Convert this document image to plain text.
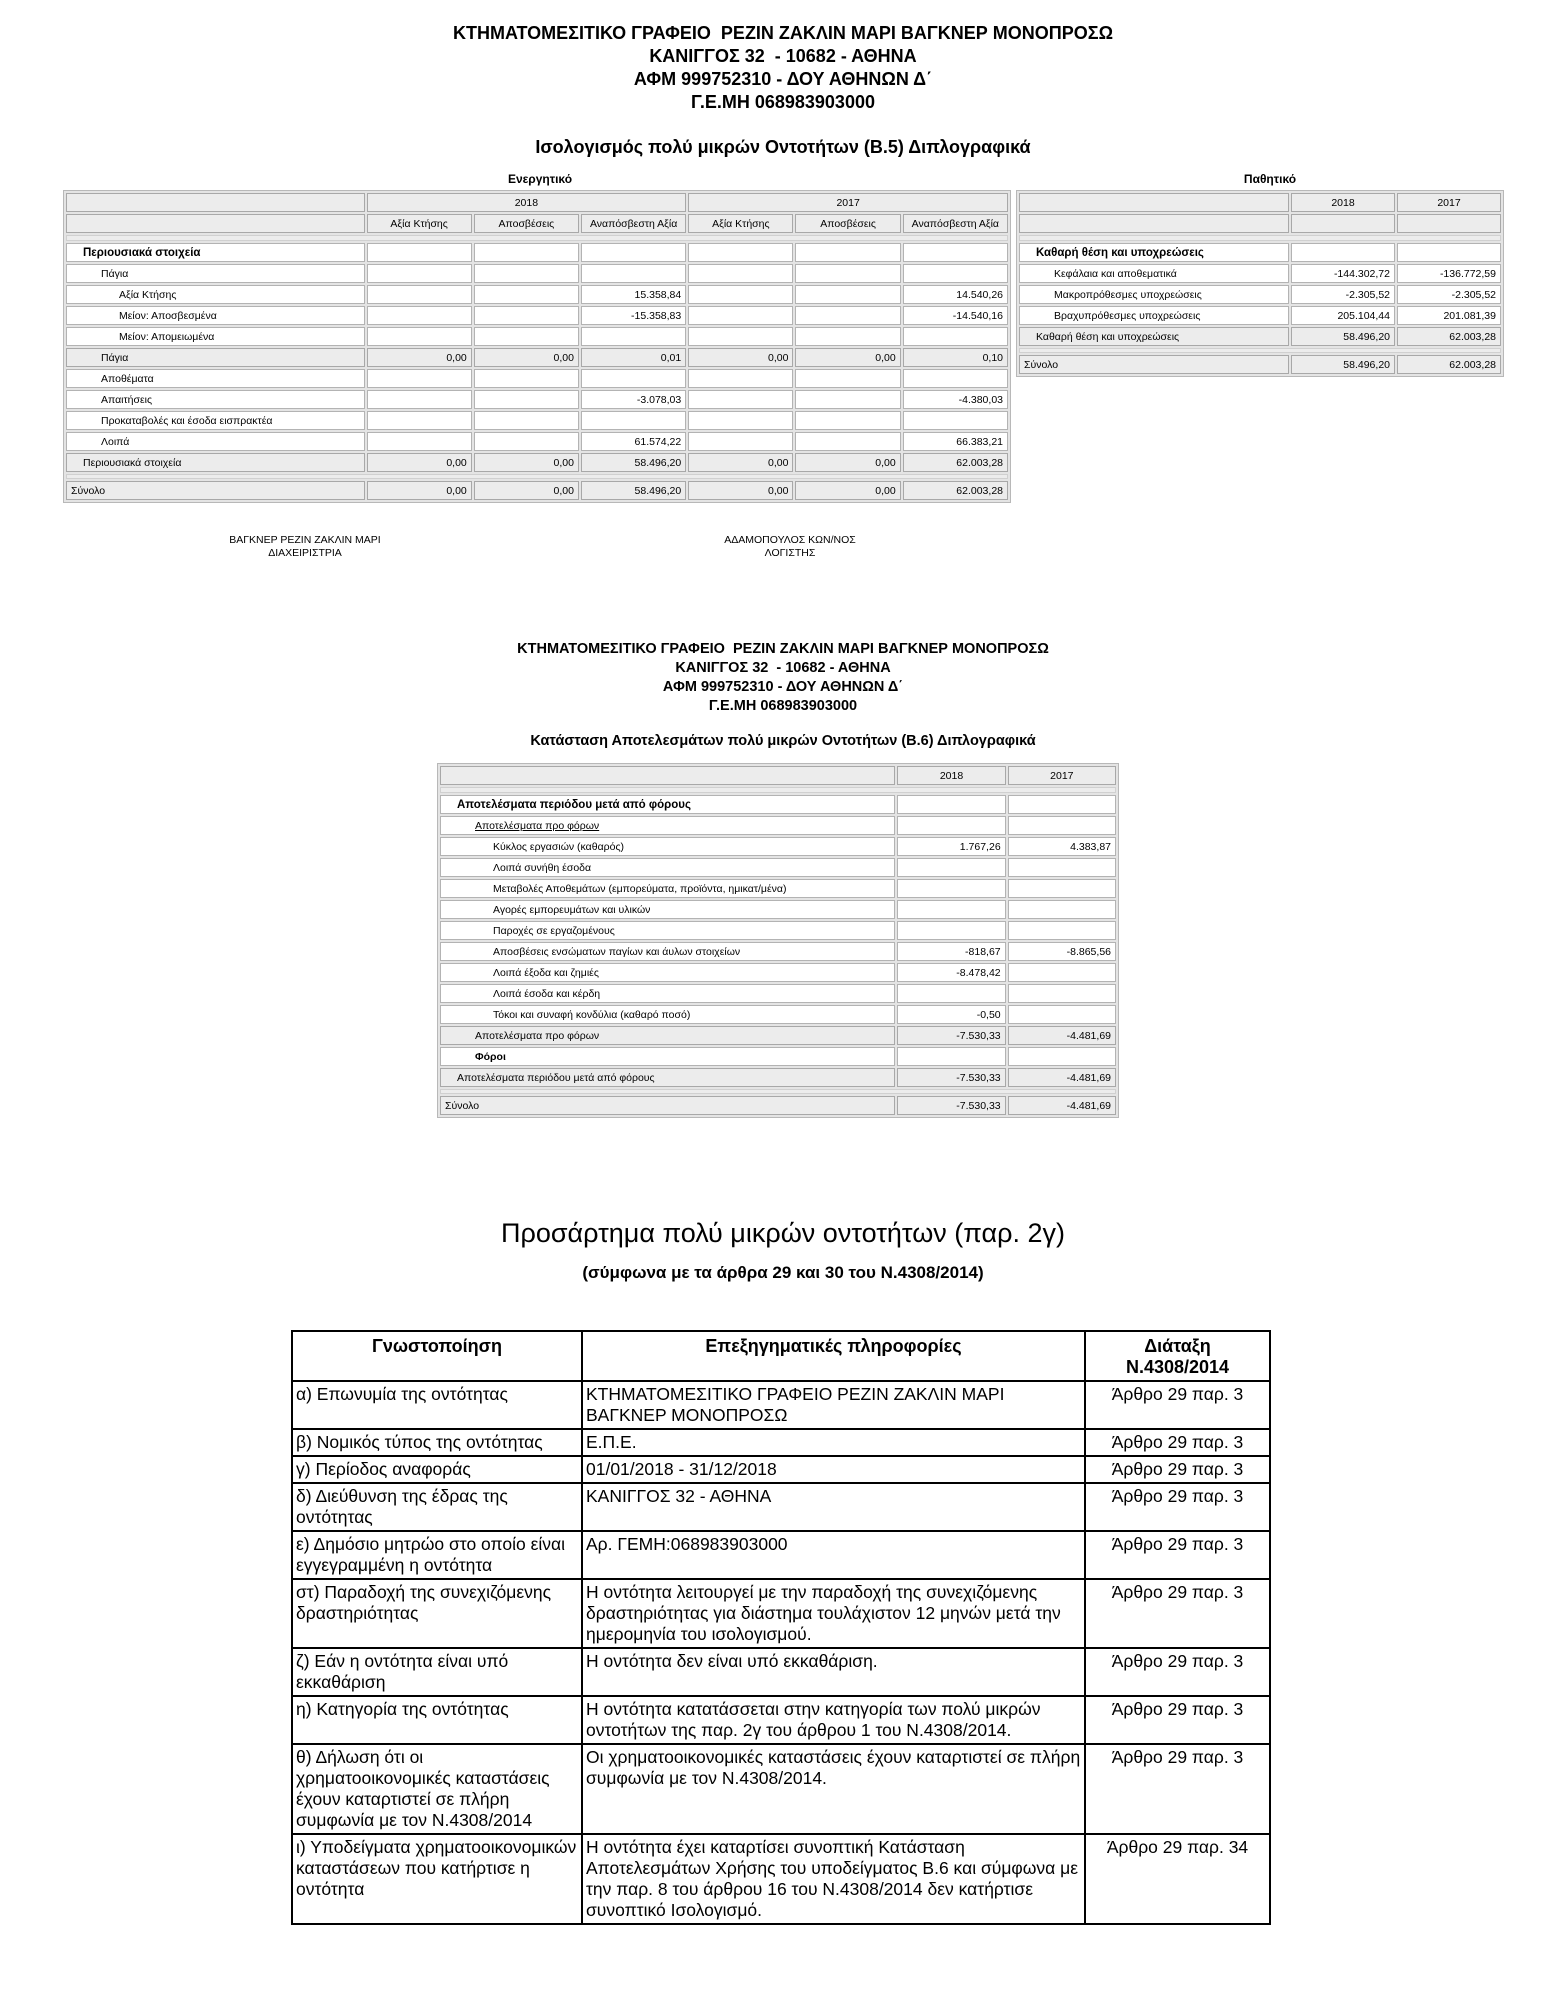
ΚΤΗΜΑΤΟΜΕΣΙΤΙΚΟ ΓΡΑΦΕΙΟ  ΡΕΖΙΝ ΖΑΚΛΙΝ ΜΑΡΙ ΒΑΓΚΝΕΡ ΜΟΝΟΠΡΟΣΩ
ΚΑΝΙΓΓΟΣ 32  - 10682 - ΑΘΗΝΑ
ΑΦΜ 999752310 - ΔΟΥ ΑΘΗΝΩΝ Δ΄
Γ.Ε.ΜΗ 068983903000
Ισολογισμός πολύ μικρών Οντοτήτων (Β.5) Διπλογραφικά
Ενεργητικό	Παθητικό
	2018			2017		
	Αξία Κτήσης	Αποσβέσεις	Αναπόσβεστη Αξία	Αξία Κτήσης	Αποσβέσεις	Αναπόσβεστη Αξία

Περιουσιακά στοιχεία						
Πάγια						
Αξία Κτήσης			15.358,84			14.540,26
Μείον: Αποσβεσμένα			-15.358,83			-14.540,16
Μείον: Απομειωμένα						
Πάγια	0,00	0,00	0,01	0,00	0,00	0,10
Αποθέματα						
Απαιτήσεις			-3.078,03			-4.380,03
Προκαταβολές και έσοδα εισπρακτέα						
Λοιπά			61.574,22			66.383,21
Περιουσιακά στοιχεία	0,00	0,00	58.496,20	0,00	0,00	62.003,28

Σύνολο	0,00	0,00	58.496,20	0,00	0,00	62.003,28
	2018	2017

Καθαρή θέση και υποχρεώσεις		
Κεφάλαια και αποθεματικά	-144.302,72	-136.772,59
Μακροπρόθεσμες υποχρεώσεις	-2.305,52	-2.305,52
Βραχυπρόθεσμες υποχρεώσεις	205.104,44	201.081,39
Καθαρή θέση και υποχρεώσεις	58.496,20	62.003,28

Σύνολο	58.496,20	62.003,28
ΒΑΓΚΝΕΡ ΡΕΖΙΝ ΖΑΚΛΙΝ ΜΑΡΙ
ΔΙΑΧΕΙΡΙΣΤΡΙΑ
ΑΔΑΜΟΠΟΥΛΟΣ ΚΩΝ/ΝΟΣ
ΛΟΓΙΣΤΗΣ
ΚΤΗΜΑΤΟΜΕΣΙΤΙΚΟ ΓΡΑΦΕΙΟ  ΡΕΖΙΝ ΖΑΚΛΙΝ ΜΑΡΙ ΒΑΓΚΝΕΡ ΜΟΝΟΠΡΟΣΩ
ΚΑΝΙΓΓΟΣ 32  - 10682 - ΑΘΗΝΑ
ΑΦΜ 999752310 - ΔΟΥ ΑΘΗΝΩΝ Δ΄
Γ.Ε.ΜΗ 068983903000
Κατάσταση Αποτελεσμάτων πολύ μικρών Οντοτήτων (Β.6) Διπλογραφικά
	2018	2017

Αποτελέσματα περιόδου μετά από φόρους		
Αποτελέσματα προ φόρων		
Κύκλος εργασιών (καθαρός)	1.767,26	4.383,87
Λοιπά συνήθη έσοδα		
Μεταβολές Αποθεμάτων (εμπορεύματα, προϊόντα, ημικατ/μένα)		
Αγορές εμπορευμάτων και υλικών		
Παροχές σε εργαζομένους		
Αποσβέσεις ενσώματων παγίων και άυλων στοιχείων	-818,67	-8.865,56
Λοιπά έξοδα και ζημιές	-8.478,42	
Λοιπά έσοδα και κέρδη		
Τόκοι και συναφή κονδύλια (καθαρό ποσό)	-0,50	
Αποτελέσματα προ φόρων	-7.530,33	-4.481,69
Φόροι		
Αποτελέσματα περιόδου μετά από φόρους	-7.530,33	-4.481,69

Σύνολο	-7.530,33	-4.481,69
Προσάρτημα πολύ μικρών οντοτήτων (παρ. 2γ)
(σύμφωνα με τα άρθρα 29 και 30 του Ν.4308/2014)
Γνωστοποίηση	Επεξηγηματικές πληροφορίες	Διάταξη
Ν.4308/2014

α) Επωνυμία της οντότητας	ΚΤΗΜΑΤΟΜΕΣΙΤΙΚΟ ΓΡΑΦΕΙΟ ΡΕΖΙΝ ΖΑΚΛΙΝ ΜΑΡΙ ΒΑΓΚΝΕΡ ΜΟΝΟΠΡΟΣΩ	Άρθρο 29 παρ. 3
β) Νομικός τύπος της οντότητας	Ε.Π.Ε.	Άρθρο 29 παρ. 3
γ) Περίοδος αναφοράς	01/01/2018 - 31/12/2018	Άρθρο 29 παρ. 3
δ) Διεύθυνση της έδρας της οντότητας	ΚΑΝΙΓΓΟΣ 32 - ΑΘΗΝΑ	Άρθρο 29 παρ. 3
ε) Δημόσιο μητρώο στο οποίο είναι εγγεγραμμένη η οντότητα	Αρ. ΓΕΜΗ:068983903000	Άρθρο 29 παρ. 3
στ) Παραδοχή της συνεχιζόμενης δραστηριότητας	Η οντότητα λειτουργεί με την παραδοχή της συνεχιζόμενης δραστηριότητας για διάστημα τουλάχιστον 12 μηνών μετά την ημερομηνία του ισολογισμού.	Άρθρο 29 παρ. 3
ζ) Εάν η οντότητα είναι υπό εκκαθάριση	Η οντότητα δεν είναι υπό εκκαθάριση.	Άρθρο 29 παρ. 3
η) Κατηγορία της οντότητας	Η οντότητα κατατάσσεται στην κατηγορία των πολύ μικρών οντοτήτων της παρ. 2γ του άρθρου 1 του Ν.4308/2014.	Άρθρο 29 παρ. 3
θ) Δήλωση ότι οι χρηματοοικονομικές καταστάσεις έχουν καταρτιστεί σε πλήρη συμφωνία με τον Ν.4308/2014	Οι χρηματοοικονομικές καταστάσεις έχουν καταρτιστεί σε πλήρη συμφωνία με τον Ν.4308/2014.	Άρθρο 29 παρ. 3
ι) Υποδείγματα χρηματοοικονομικών καταστάσεων που κατήρτισε η οντότητα	Η οντότητα έχει καταρτίσει συνοπτική Κατάσταση Αποτελεσμάτων Χρήσης του υποδείγματος Β.6 και σύμφωνα με την παρ. 8 του άρθρου 16 του Ν.4308/2014 δεν κατήρτισε συνοπτικό Ισολογισμό.	Άρθρο 29 παρ. 34
